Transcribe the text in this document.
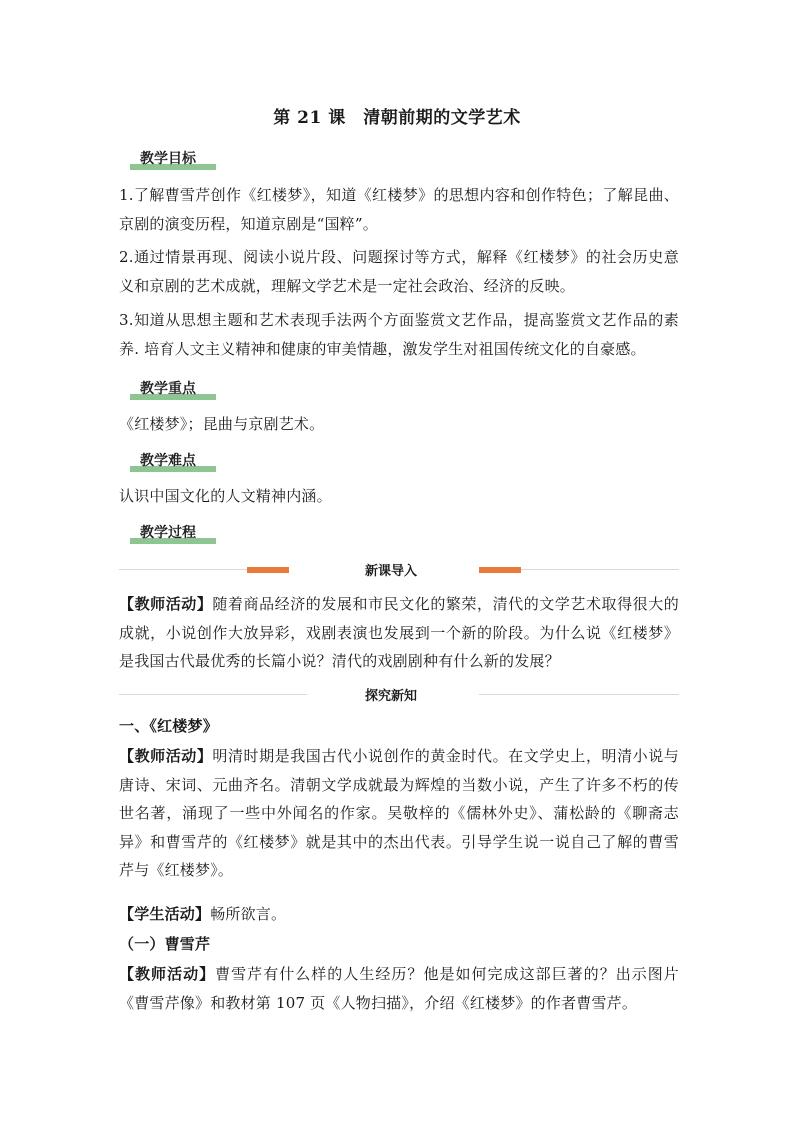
第 21 课　清朝前期的文学艺术
教学目标
1.了解曹雪芹创作《红楼梦》，知道《红楼梦》的思想内容和创作特色；了解昆曲、京剧的演变历程，知道京剧是“国粹”。
2.通过情景再现、阅读小说片段、问题探讨等方式，解释《红楼梦》的社会历史意义和京剧的艺术成就，理解文学艺术是一定社会政治、经济的反映。
3.知道从思想主题和艺术表现手法两个方面鉴赏文艺作品，提高鉴赏文艺作品的素养. 培育人文主义精神和健康的审美情趣，激发学生对祖国传统文化的自豪感。
教学重点
《红楼梦》；昆曲与京剧艺术。
教学难点
认识中国文化的人文精神内涵。
教学过程
新课导入
【教师活动】随着商品经济的发展和市民文化的繁荣，清代的文学艺术取得很大的成就，小说创作大放异彩，戏剧表演也发展到一个新的阶段。为什么说《红楼梦》是我国古代最优秀的长篇小说？清代的戏剧剧种有什么新的发展？
探究新知
一、《红楼梦》
【教师活动】明清时期是我国古代小说创作的黄金时代。在文学史上，明清小说与唐诗、宋词、元曲齐名。清朝文学成就最为辉煌的当数小说，产生了许多不朽的传世名著，涌现了一些中外闻名的作家。吴敬梓的《儒林外史》、蒲松龄的《聊斋志异》和曹雪芹的《红楼梦》就是其中的杰出代表。引导学生说一说自己了解的曹雪芹与《红楼梦》。
【学生活动】畅所欲言。
（一）曹雪芹
【教师活动】曹雪芹有什么样的人生经历？他是如何完成这部巨著的？出示图片《曹雪芹像》和教材第 107 页《人物扫描》，介绍《红楼梦》的作者曹雪芹。
